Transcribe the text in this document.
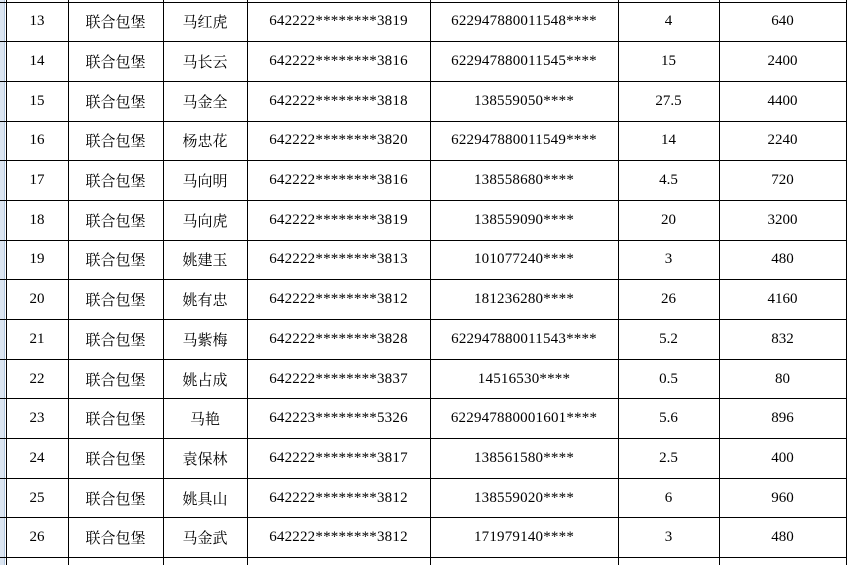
	13	联合包堡	马红虎	642222********3819	622947880011548****	4	640
	14	联合包堡	马长云	642222********3816	622947880011545****	15	2400
	15	联合包堡	马金全	642222********3818	138559050****	27.5	4400
	16	联合包堡	杨忠花	642222********3820	622947880011549****	14	2240
	17	联合包堡	马向明	642222********3816	138558680****	4.5	720
	18	联合包堡	马向虎	642222********3819	138559090****	20	3200
	19	联合包堡	姚建玉	642222********3813	101077240****	3	480
	20	联合包堡	姚有忠	642222********3812	181236280****	26	4160
	21	联合包堡	马紫梅	642222********3828	622947880011543****	5.2	832
	22	联合包堡	姚占成	642222********3837	14516530****	0.5	80
	23	联合包堡	马艳	642223********5326	622947880001601****	5.6	896
	24	联合包堡	袁保林	642222********3817	138561580****	2.5	400
	25	联合包堡	姚具山	642222********3812	138559020****	6	960
	26	联合包堡	马金武	642222********3812	171979140****	3	480
